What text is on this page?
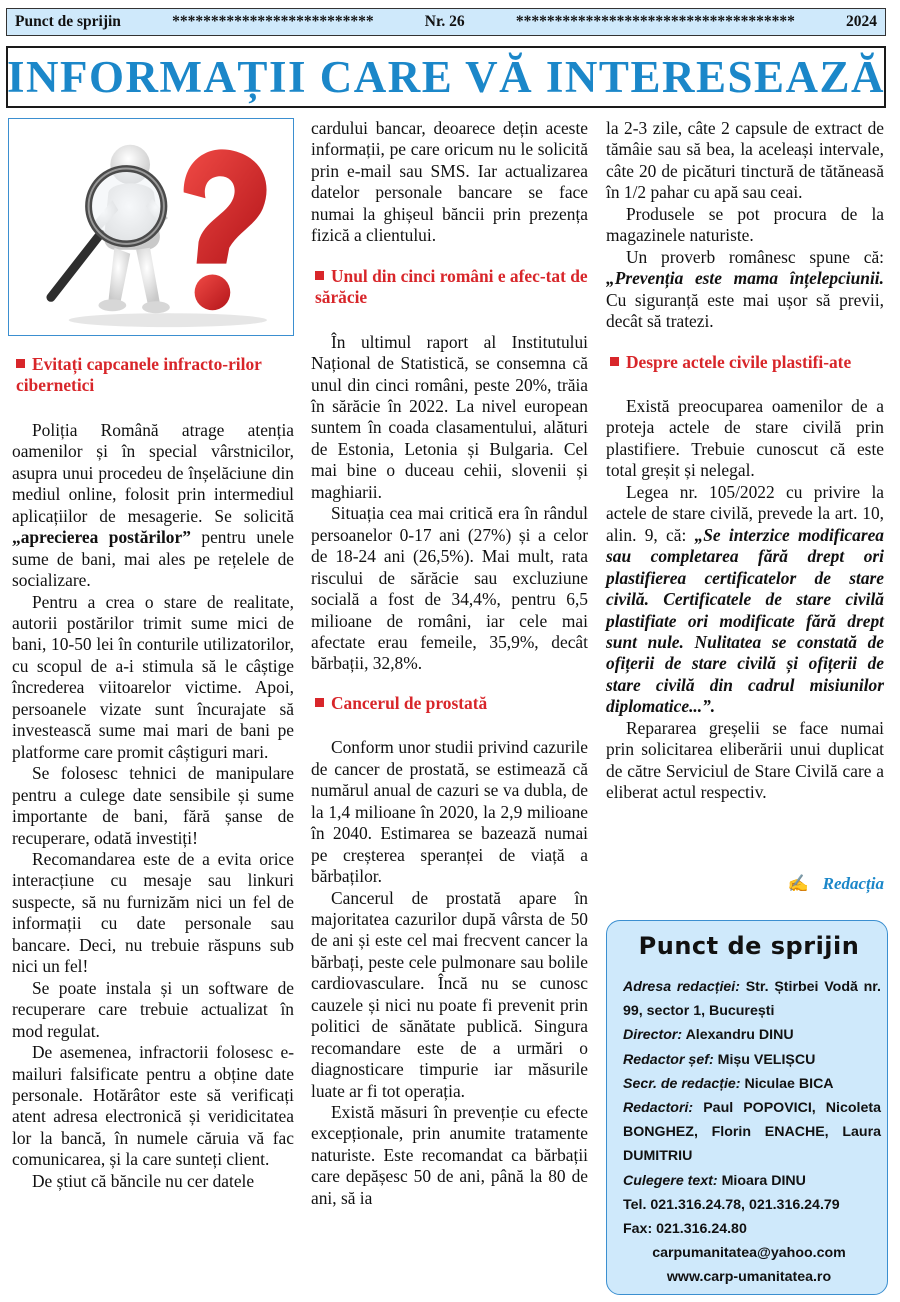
Punct de sprijin	**************************	Nr. 26	************************************	2024
INFORMAȚII CARE VĂ INTERESEAZĂ
Evitați capcanele infracto-rilor cibernetici

Poliția Română atrage atenția oamenilor și în special vârstnicilor, asupra unui procedeu de înșelăciune din mediul online, folosit prin intermediul aplicațiilor de mesagerie. Se solicită „aprecierea postărilor” pentru unele sume de bani, mai ales pe rețelele de socializare.

Pentru a crea o stare de realitate, autorii postărilor trimit sume mici de bani, 10-50 lei în conturile utilizatorilor, cu scopul de a-i stimula să le câștige încrederea viitoarelor victime. Apoi, persoanele vizate sunt încurajate să investească sume mai mari de bani pe platforme care promit câștiguri mari.

Se folosesc tehnici de manipulare pentru a culege date sensibile și sume importante de bani, fără șanse de recuperare, odată investiți!

Recomandarea este de a evita orice interacțiune cu mesaje sau linkuri suspecte, să nu furnizăm nici un fel de informații cu date personale sau bancare. Deci, nu trebuie răspuns sub nici un fel!

Se poate instala și un software de recuperare care trebuie actualizat în mod regulat.

De asemenea, infractorii folosesc e-mailuri falsificate pentru a obține date personale. Hotărâtor este să verificați atent adresa electronică și veridicitatea lor la bancă, în numele căruia vă fac comunicarea, și la care sunteți client.

De știut că băncile nu cer datele

cardului bancar, deoarece dețin aceste informații, pe care oricum nu le solicită prin e-mail sau SMS. Iar actualizarea datelor personale bancare se face numai la ghișeul băncii prin prezența fizică a clientului.

Unul din cinci români e afec-tat de sărăcie

În ultimul raport al Institutului Național de Statistică, se consemna că unul din cinci români, peste 20%, trăia în sărăcie în 2022. La nivel european suntem în coada clasamentului, alături de Estonia, Letonia și Bulgaria. Cel mai bine o duceau cehii, slovenii și maghiarii.

Situația cea mai critică era în rândul persoanelor 0-17 ani (27%) și a celor de 18-24 ani (26,5%). Mai mult, rata riscului de sărăcie sau excluziune socială a fost de 34,4%, pentru 6,5 milioane de români, iar cele mai afectate erau femeile, 35,9%, decât bărbații, 32,8%.

Cancerul de prostată

Conform unor studii privind cazurile de cancer de prostată, se estimează că numărul anual de cazuri se va dubla, de la 1,4 milioane în 2020, la 2,9 milioane în 2040. Estimarea se bazează numai pe creșterea speranței de viață a bărbaților.

Cancerul de prostată apare în majoritatea cazurilor după vârsta de 50 de ani și este cel mai frecvent cancer la bărbați, peste cele pulmonare sau bolile cardiovasculare. Încă nu se cunosc cauzele și nici nu poate fi prevenit prin politici de sănătate publică. Singura recomandare este de a urmări o diagnosticare timpurie iar măsurile luate ar fi tot operația.

Există măsuri în prevenție cu efecte excepționale, prin anumite tratamente naturiste. Este recomandat ca bărbații care depășesc 50 de ani, până la 80 de ani, să ia

la 2-3 zile, câte 2 capsule de extract de tămâie sau să bea, la aceleași intervale, câte 20 de picături tinctură de tătăneasă în 1/2 pahar cu apă sau ceai.

Produsele se pot procura de la magazinele naturiste.

Un proverb românesc spune că: „Prevenția este mama înțelepciunii. Cu siguranță este mai ușor să previi, decât să tratezi.

Despre actele civile plastifi-ate

Există preocuparea oamenilor de a proteja actele de stare civilă prin plastifiere. Trebuie cunoscut că este total greșit și nelegal.

Legea nr. 105/2022 cu privire la actele de stare civilă, prevede la art. 10, alin. 9, că: „Se interzice modificarea sau completarea fără drept ori plastifierea certificatelor de stare civilă. Certificatele de stare civilă plastifiate ori modificate fără drept sunt nule. Nulitatea se constată de ofițerii de stare civilă și ofițerii de stare civilă din cadrul misiunilor diplomatice...”.

Repararea greșelii se face numai prin solicitarea eliberării unui duplicat de către Serviciul de Stare Civilă care a eliberat actul respectiv.

✍ Redacția
Punct de sprijin
Adresa redacției: Str. Știrbei Vodă nr. 99, sector 1, București
Director: Alexandru DINU
Redactor șef: Mișu VELIȘCU
Secr. de redacție: Niculae BICA
Redactori: Paul POPOVICI, Nicoleta BONGHEZ, Florin ENACHE, Laura DUMITRIU
Culegere text: Mioara DINU
Tel. 021.316.24.78, 021.316.24.79
Fax: 021.316.24.80
carpumanitatea@yahoo.com
www.carp-umanitatea.ro
